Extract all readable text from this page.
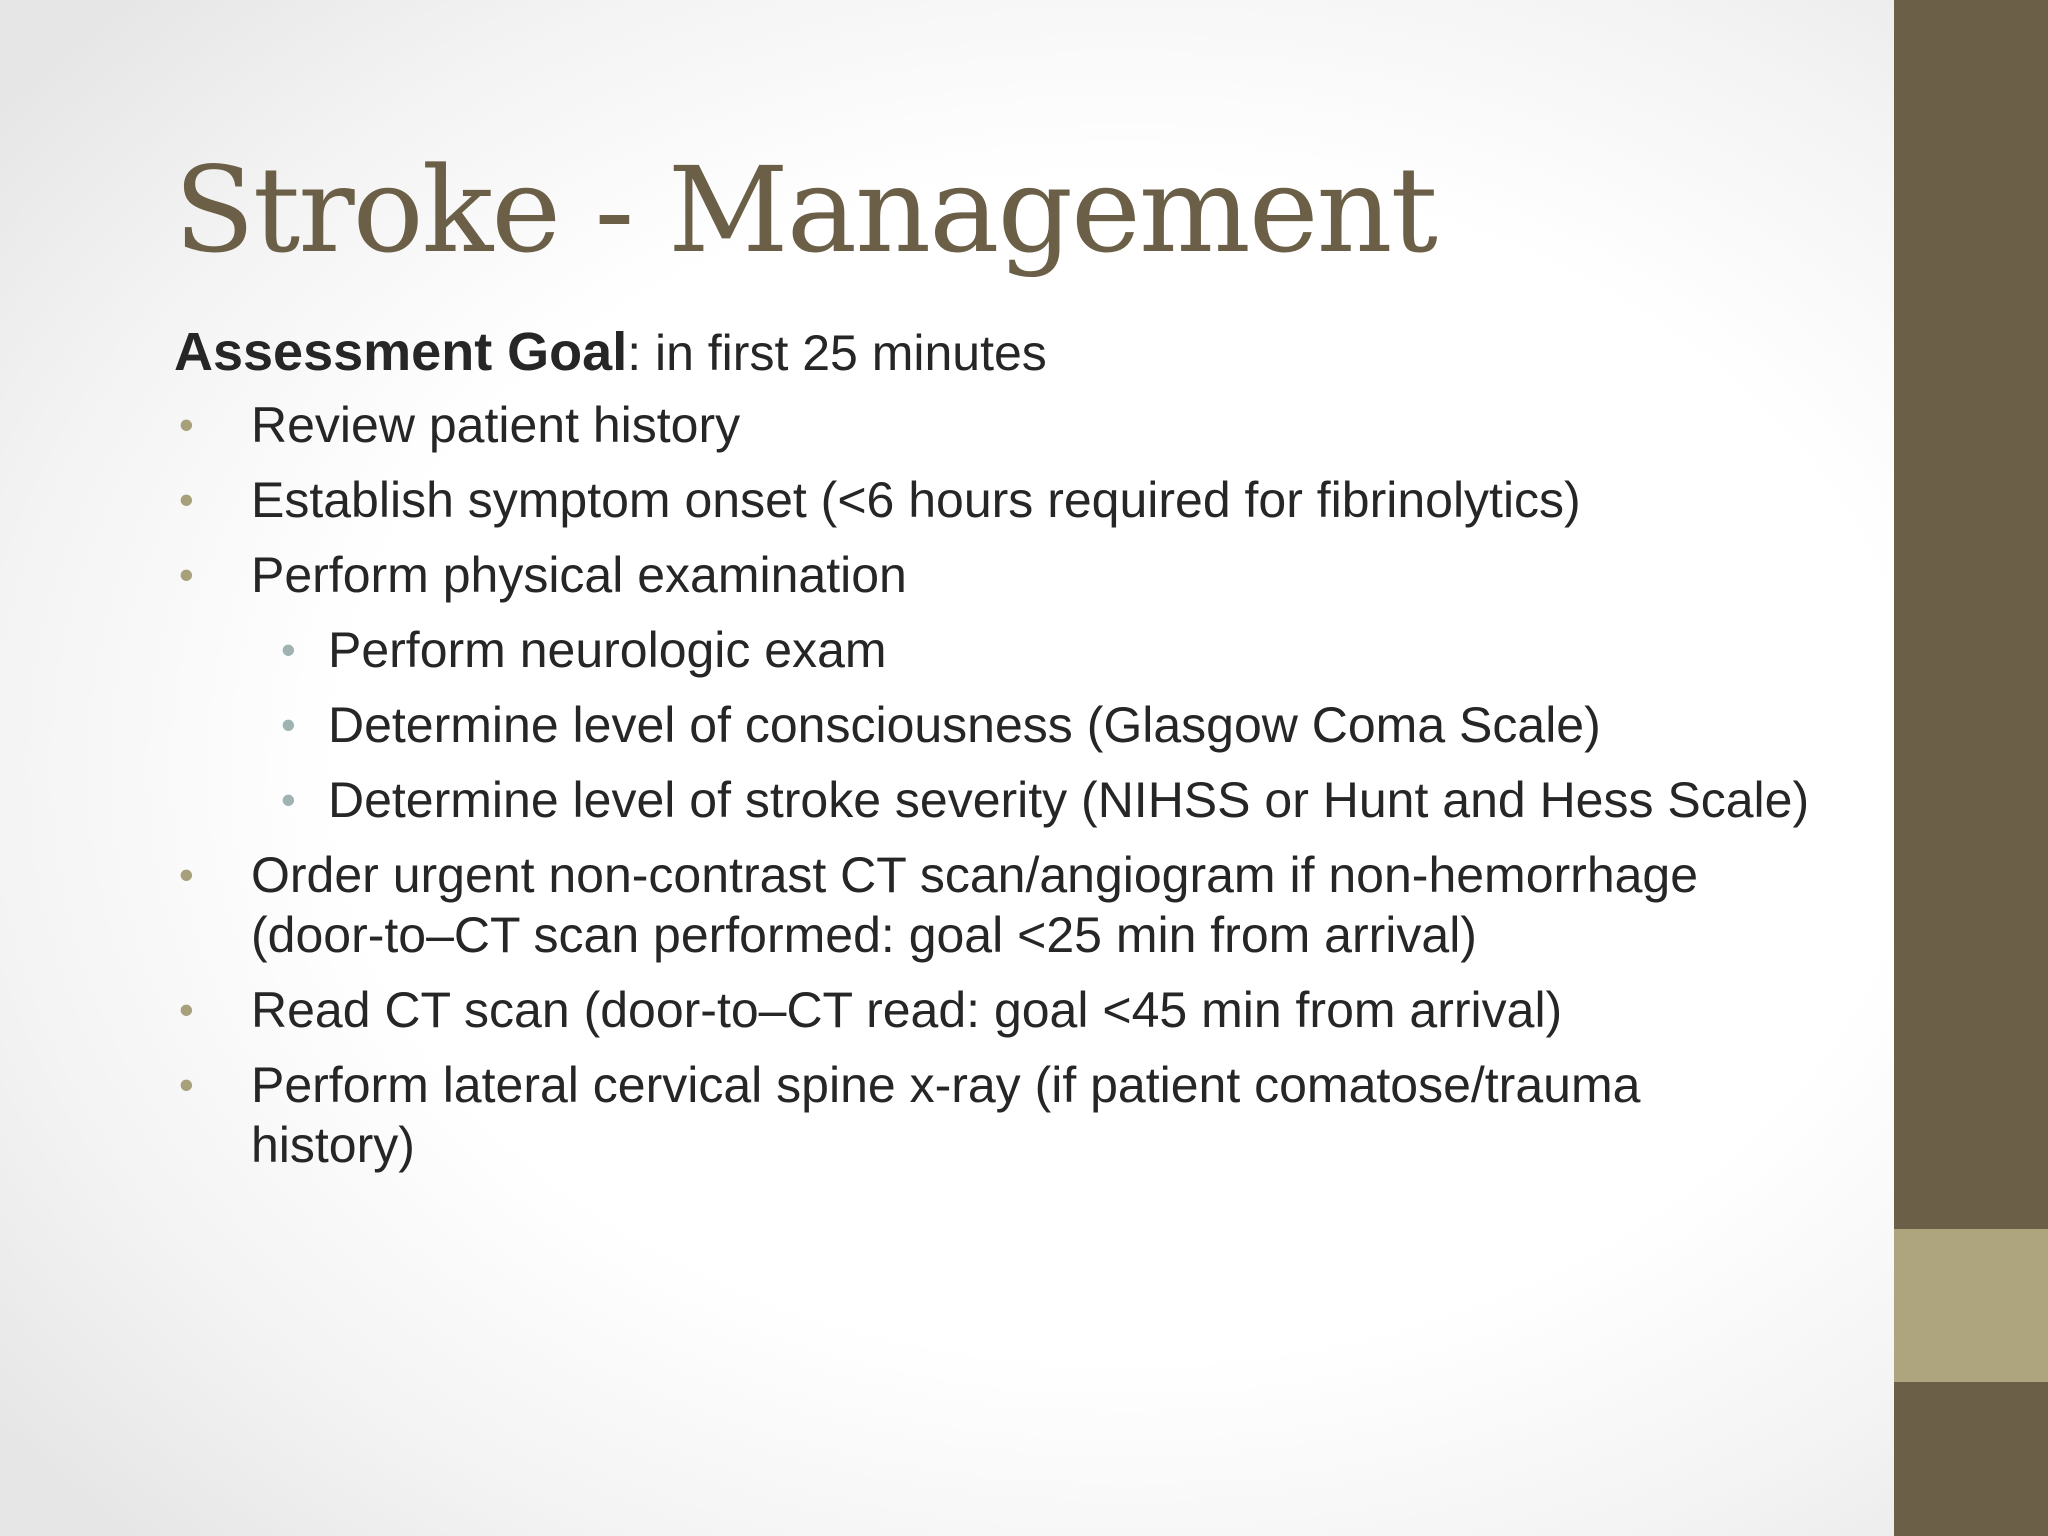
Stroke - Management

Assessment Goal: in first 25 minutes

• Review patient history
• Establish symptom onset (<6 hours required for fibrinolytics)
• Perform physical examination
• Perform neurologic exam
• Determine level of consciousness (Glasgow Coma Scale)
• Determine level of stroke severity (NIHSS or Hunt and Hess Scale)
• Order urgent non-contrast CT scan/angiogram if non-hemorrhage (door-to–CT scan performed: goal <25 min from arrival)
• Read CT scan (door-to–CT read: goal <45 min from arrival)
• Perform lateral cervical spine x-ray (if patient comatose/trauma history)
